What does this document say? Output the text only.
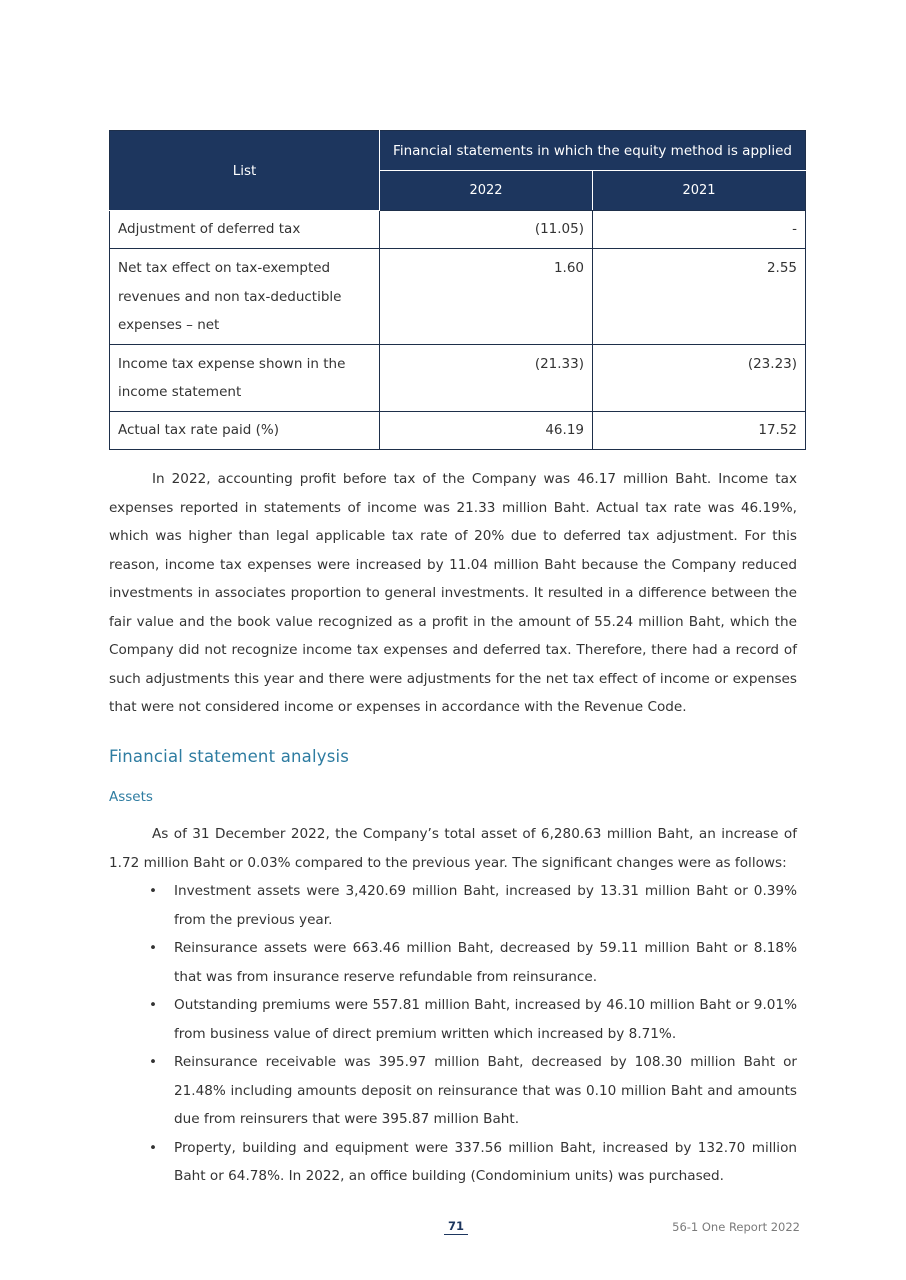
List	Financial statements in which the equity method is applied	
	2022	2021
Adjustment of deferred tax	(11.05)	-

Net tax effect on tax-exempted
revenues and non tax-deductible
expenses – net	1.60	2.55

Income tax expense shown in the
income statement	(21.33)	(23.23)
Actual tax rate paid (%)	46.19	17.52

In 2022, accounting profit before tax of the Company was 46.17 million Baht. Income tax expenses reported in statements of income was 21.33 million Baht. Actual tax rate was 46.19%, which was higher than legal applicable tax rate of 20% due to deferred tax adjustment. For this reason, income tax expenses were increased by 11.04 million Baht because the Company reduced investments in associates proportion to general investments. It resulted in a difference between the fair value and the book value recognized as a profit in the amount of 55.24 million Baht, which the Company did not recognize income tax expenses and deferred tax. Therefore, there had a record of such adjustments this year and there were adjustments for the net tax effect of income or expenses that were not considered income or expenses in accordance with the Revenue Code.

Financial statement analysis
Assets

As of 31 December 2022, the Company’s total asset of 6,280.63 million Baht, an increase of 1.72 million Baht or 0.03% compared to the previous year. The significant changes were as follows:

• Investment assets were 3,420.69 million Baht, increased by 13.31 million Baht or 0.39% from the previous year.
• Reinsurance assets were 663.46 million Baht, decreased by 59.11 million Baht or 8.18% that was from insurance reserve refundable from reinsurance.
• Outstanding premiums were 557.81 million Baht, increased by 46.10 million Baht or 9.01% from business value of direct premium written which increased by 8.71%.
• Reinsurance receivable was 395.97 million Baht, decreased by 108.30 million Baht or 21.48% including amounts deposit on reinsurance that was 0.10 million Baht and amounts due from reinsurers that were 395.87 million Baht.
• Property, building and equipment were 337.56 million Baht, increased by 132.70 million Baht or 64.78%. In 2022, an office building (Condominium units) was purchased.
71	56-1 One Report 2022
